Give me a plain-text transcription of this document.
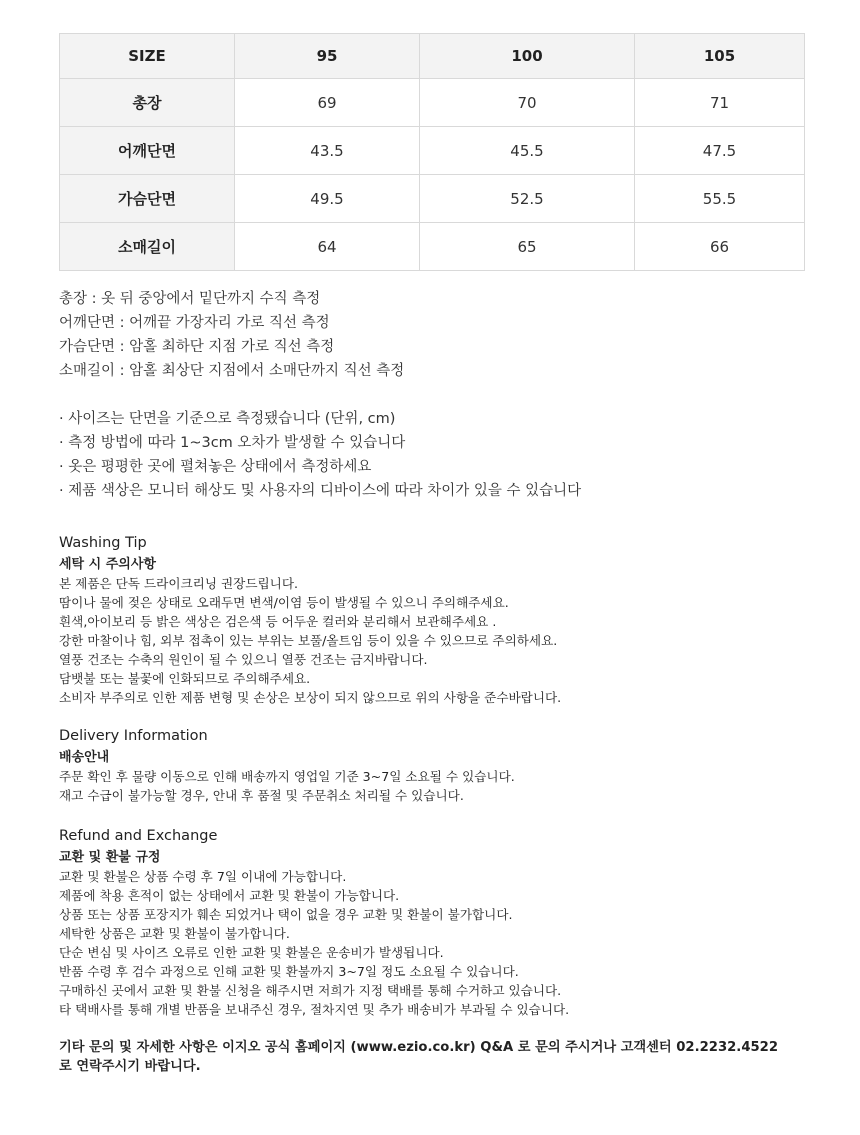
SIZE	95	100	105
총장	69	70	71
어깨단면	43.5	45.5	47.5
가슴단면	49.5	52.5	55.5
소매길이	64	65	66

총장 : 옷 뒤 중앙에서 밑단까지 수직 측정

어깨단면 : 어깨끝 가장자리 가로 직선 측정

가슴단면 : 암홀 최하단 지점 가로 직선 측정

소매길이 : 암홀 최상단 지점에서 소매단까지 직선 측정

· 사이즈는 단면을 기준으로 측정됐습니다 (단위, cm)

· 측정 방법에 따라 1~3cm 오차가 발생할 수 있습니다

· 옷은 평평한 곳에 펼쳐놓은 상태에서 측정하세요

· 제품 색상은 모니터 해상도 및 사용자의 디바이스에 따라 차이가 있을 수 있습니다

Washing Tip
세탁 시 주의사항
본 제품은 단독 드라이크리닝 권장드립니다.
땀이나 물에 젖은 상태로 오래두면 변색/이염 등이 발생될 수 있으니 주의해주세요.
흰색,아이보리 등 밝은 색상은 검은색 등 어두운 컬러와 분리해서 보관해주세요 .
강한 마찰이나 힘, 외부 접촉이 있는 부위는 보풀/올트임 등이 있을 수 있으므로 주의하세요.
열풍 건조는 수축의 원인이 될 수 있으니 열풍 건조는 금지바랍니다.
담뱃불 또는 불꽃에 인화되므로 주의해주세요.
소비자 부주의로 인한 제품 변형 및 손상은 보상이 되지 않으므로 위의 사항을 준수바랍니다.
Delivery Information
배송안내
주문 확인 후 물량 이동으로 인해 배송까지 영업일 기준 3~7일 소요될 수 있습니다.
재고 수급이 불가능할 경우, 안내 후 품절 및 주문취소 처리될 수 있습니다.
Refund and Exchange
교환 및 환불 규정
교환 및 환불은 상품 수령 후 7일 이내에 가능합니다.
제품에 착용 흔적이 없는 상태에서 교환 및 환불이 가능합니다.
상품 또는 상품 포장지가 훼손 되었거나 택이 없을 경우 교환 및 환불이 불가합니다.
세탁한 상품은 교환 및 환불이 불가합니다.
단순 변심 및 사이즈 오류로 인한 교환 및 환불은 운송비가 발생됩니다.
반품 수령 후 검수 과정으로 인해 교환 및 환불까지 3~7일 정도 소요될 수 있습니다.
구매하신 곳에서 교환 및 환불 신청을 해주시면 저희가 지정 택배를 통해 수거하고 있습니다.
타 택배사를 통해 개별 반품을 보내주신 경우, 절차지연 및 추가 배송비가 부과될 수 있습니다.

기타 문의 및 자세한 사항은 이지오 공식 홈페이지 (www.ezio.co.kr) Q&A 로 문의 주시거나 고객센터 02.2232.4522

로 연락주시기 바랍니다.
